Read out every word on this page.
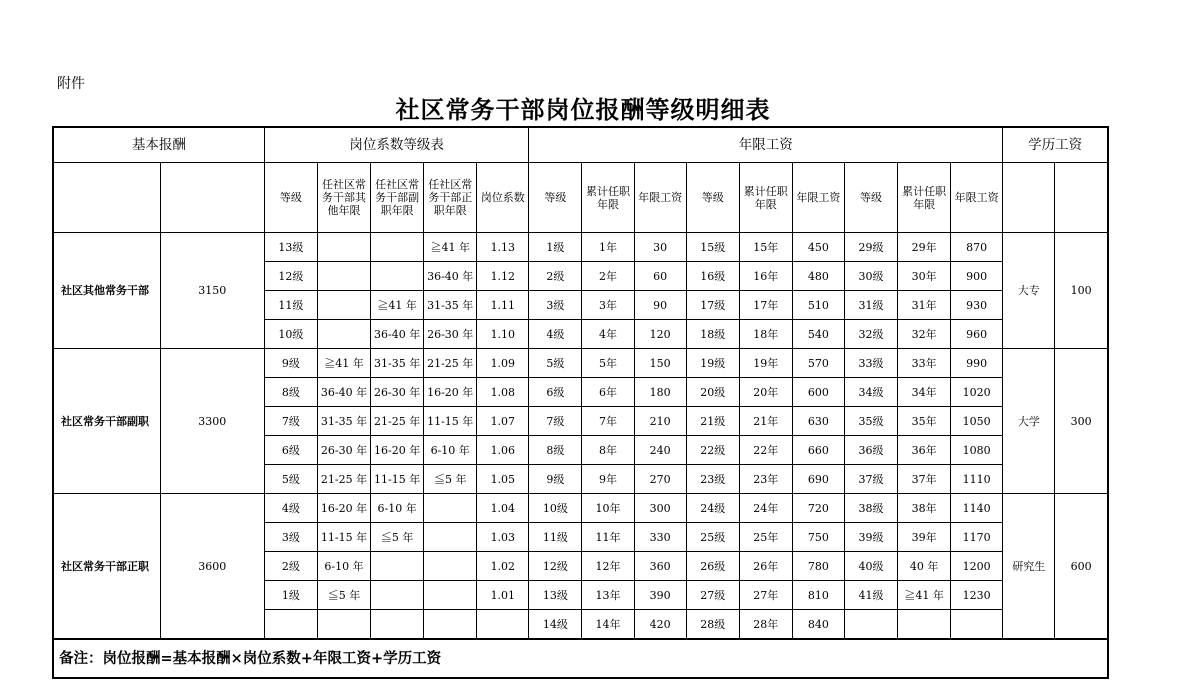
附件
社区常务干部岗位报酬等级明细表
基本报酬		岗位系数等级表					年限工资									学历工资	
		等级	任社区常务干部其他年限	任社区常务干部副职年限	任社区常务干部正职年限	岗位系数	等级	累计任职年限	年限工资	等级	累计任职年限	年限工资	等级	累计任职年限	年限工资		
社区其他常务干部	3150	13级			≧41 年	1.13	1级	1年	30	15级	15年	450	29级	29年	870	大专	100
		12级			36-40 年	1.12	2级	2年	60	16级	16年	480	30级	30年	900		
		11级		≧41 年	31-35 年	1.11	3级	3年	90	17级	17年	510	31级	31年	930		
		10级		36-40 年	26-30 年	1.10	4级	4年	120	18级	18年	540	32级	32年	960		
社区常务干部副职	3300	9级	≧41 年	31-35 年	21-25 年	1.09	5级	5年	150	19级	19年	570	33级	33年	990	大学	300
		8级	36-40 年	26-30 年	16-20 年	1.08	6级	6年	180	20级	20年	600	34级	34年	1020		
		7级	31-35 年	21-25 年	11-15 年	1.07	7级	7年	210	21级	21年	630	35级	35年	1050		
		6级	26-30 年	16-20 年	6-10 年	1.06	8级	8年	240	22级	22年	660	36级	36年	1080		
		5级	21-25 年	11-15 年	≦5 年	1.05	9级	9年	270	23级	23年	690	37级	37年	1110		
社区常务干部正职	3600	4级	16-20 年	6-10 年		1.04	10级	10年	300	24级	24年	720	38级	38年	1140	研究生	600
		3级	11-15 年	≦5 年		1.03	11级	11年	330	25级	25年	750	39级	39年	1170		
		2级	6-10 年			1.02	12级	12年	360	26级	26年	780	40级	40 年	1200		
		1级	≦5 年			1.01	13级	13年	390	27级	27年	810	41级	≧41 年	1230		
							14级	14年	420	28级	28年	840					
备注：岗位报酬=基本报酬×岗位系数+年限工资+学历工资																	
